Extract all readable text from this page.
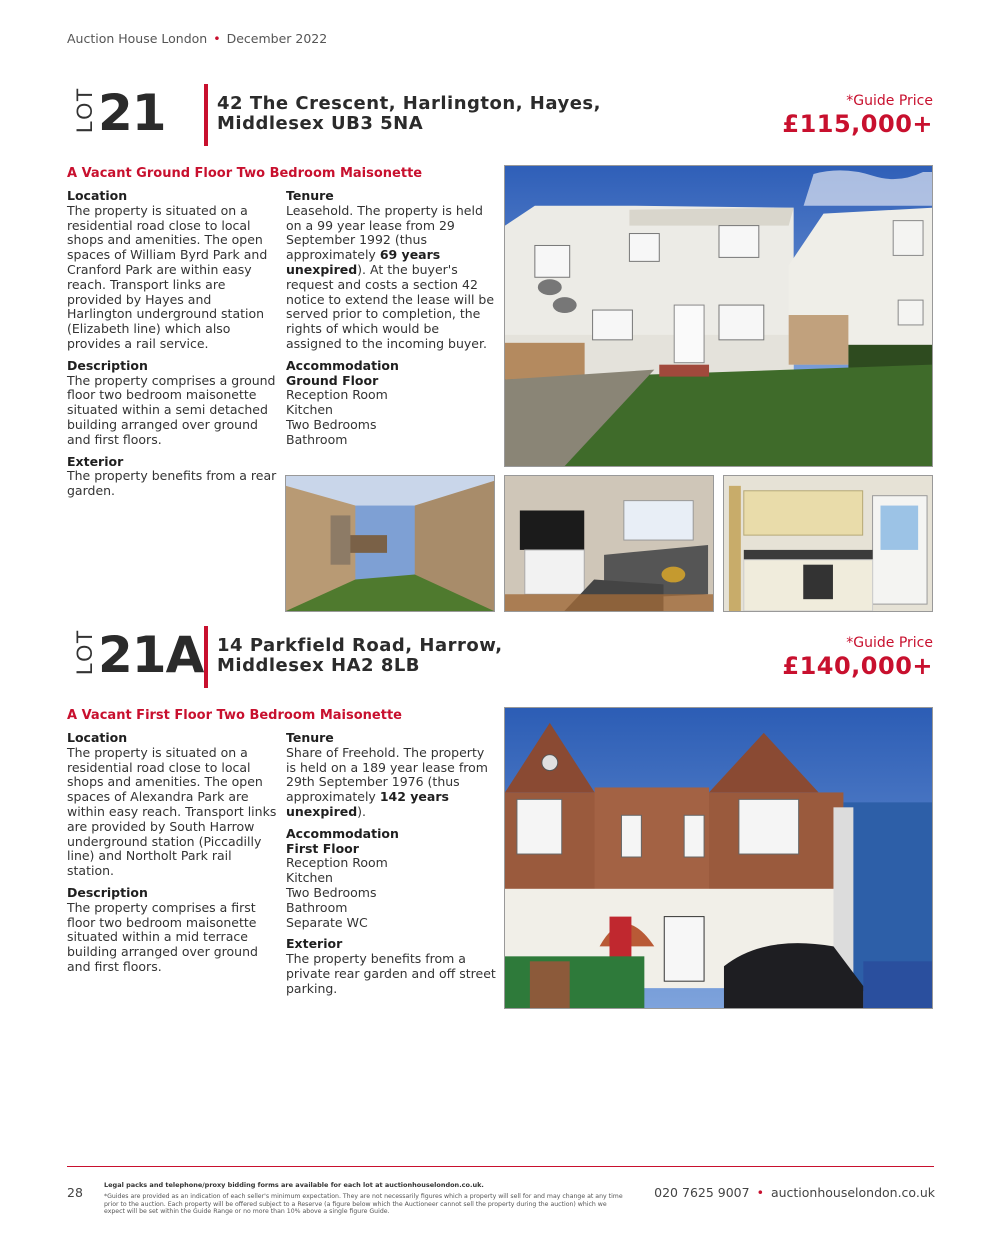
Auction House London • December 2022
LOT 21	42 The Crescent, Harlington, Hayes,
Middlesex UB3 5NA
*Guide Price
£115,000+
A Vacant Ground Floor Two Bedroom Maisonette
Location

The property is situated on a residential road close to local shops and amenities. The open spaces of William Byrd Park and Cranford Park are within easy reach. Transport links are provided by Hayes and Harlington underground station (Elizabeth line) which also provides a rail service.

Description

The property comprises a ground floor two bedroom maisonette situated within a semi detached building arranged over ground and first floors.

Exterior

The property benefits from a rear garden.

Tenure

Leasehold. The property is held on a 99 year lease from 29 September 1992 (thus approximately 69 years unexpired). At the buyer's request and costs a section 42 notice to extend the lease will be served prior to completion, the rights of which would be assigned to the incoming buyer.

Accommodation
Ground Floor
Reception Room
Kitchen
Two Bedrooms
Bathroom
LOT 21A 14 Parkfield Road, Harrow,
Middlesex HA2 8LB
*Guide Price
£140,000+
A Vacant First Floor Two Bedroom Maisonette
Location

The property is situated on a residential road close to local shops and amenities. The open spaces of Alexandra Park are within easy reach. Transport links are provided by South Harrow underground station (Piccadilly line) and Northolt Park rail station.

Description

The property comprises a first floor two bedroom maisonette situated within a mid terrace building arranged over ground and first floors.

Tenure

Share of Freehold. The property is held on a 189 year lease from 29th September 1976 (thus approximately 142 years unexpired).

Accommodation
First Floor
Reception Room
Kitchen
Two Bedrooms
Bathroom
Separate WC
Exterior

The property benefits from a private rear garden and off street parking.

28	Legal packs and telephone/proxy bidding forms are available for each lot at auctionhouselondon.co.uk.
*Guides are provided as an indication of each seller's minimum expectation. They are not necessarily figures which a property will sell for and may change at any time prior to the auction. Each property will be offered subject to a Reserve (a figure below which the Auctioneer cannot sell the property during the auction) which we expect will be set within the Guide Range or no more than 10% above a single figure Guide.
020 7625 9007 • auctionhouselondon.co.uk
